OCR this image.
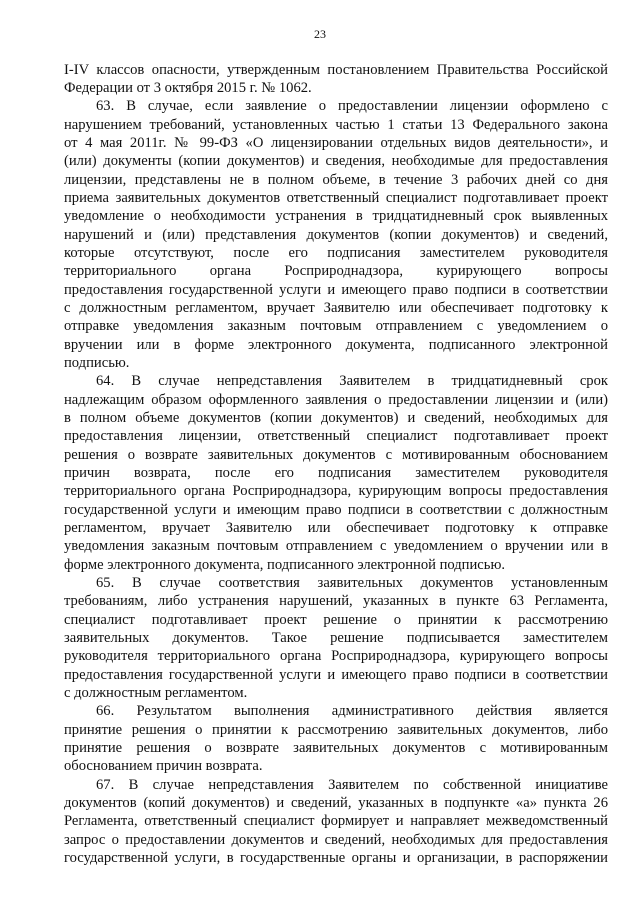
23
I-IV классов опасности, утвержденным постановлением Правительства Российской
Федерации от 3 октября 2015 г. № 1062.
63. В случае, если заявление о предоставлении лицензии оформлено с
нарушением требований, установленных частью 1 статьи 13 Федерального закона
от 4 мая 2011г. № 99-ФЗ «О лицензировании отдельных видов деятельности», и
(или) документы (копии документов) и сведения, необходимые для предоставления
лицензии, представлены не в полном объеме, в течение 3 рабочих дней со дня
приема заявительных документов ответственный специалист подготавливает проект
уведомление о необходимости устранения в тридцатидневный срок выявленных
нарушений и (или) представления документов (копии документов) и сведений,
которые отсутствуют, после его подписания заместителем руководителя
территориального органа Росприроднадзора, курирующего вопросы
предоставления государственной услуги и имеющего право подписи в соответствии
с должностным регламентом, вручает Заявителю или обеспечивает подготовку к
отправке уведомления заказным почтовым отправлением с уведомлением о
вручении или в форме электронного документа, подписанного электронной
подписью.
64. В случае непредставления Заявителем в тридцатидневный срок
надлежащим образом оформленного заявления о предоставлении лицензии и (или)
в полном объеме документов (копии документов) и сведений, необходимых для
предоставления лицензии, ответственный специалист подготавливает проект
решения о возврате заявительных документов с мотивированным обоснованием
причин возврата, после его подписания заместителем руководителя
территориального органа Росприроднадзора, курирующим вопросы предоставления
государственной услуги и имеющим право подписи в соответствии с должностным
регламентом, вручает Заявителю или обеспечивает подготовку к отправке
уведомления заказным почтовым отправлением с уведомлением о вручении или в
форме электронного документа, подписанного электронной подписью.
65. В случае соответствия заявительных документов установленным
требованиям, либо устранения нарушений, указанных в пункте 63 Регламента,
специалист подготавливает проект решение о принятии к рассмотрению
заявительных документов. Такое решение подписывается заместителем
руководителя территориального органа Росприроднадзора, курирующего вопросы
предоставления государственной услуги и имеющего право подписи в соответствии
с должностным регламентом.
66. Результатом выполнения административного действия является
принятие решения о принятии к рассмотрению заявительных документов, либо
принятие решения о возврате заявительных документов с мотивированным
обоснованием причин возврата.
67. В случае непредставления Заявителем по собственной инициативе
документов (копий документов) и сведений, указанных в подпункте «а» пункта 26
Регламента, ответственный специалист формирует и направляет межведомственный
запрос о предоставлении документов и сведений, необходимых для предоставления
государственной услуги, в государственные органы и организации, в распоряжении
